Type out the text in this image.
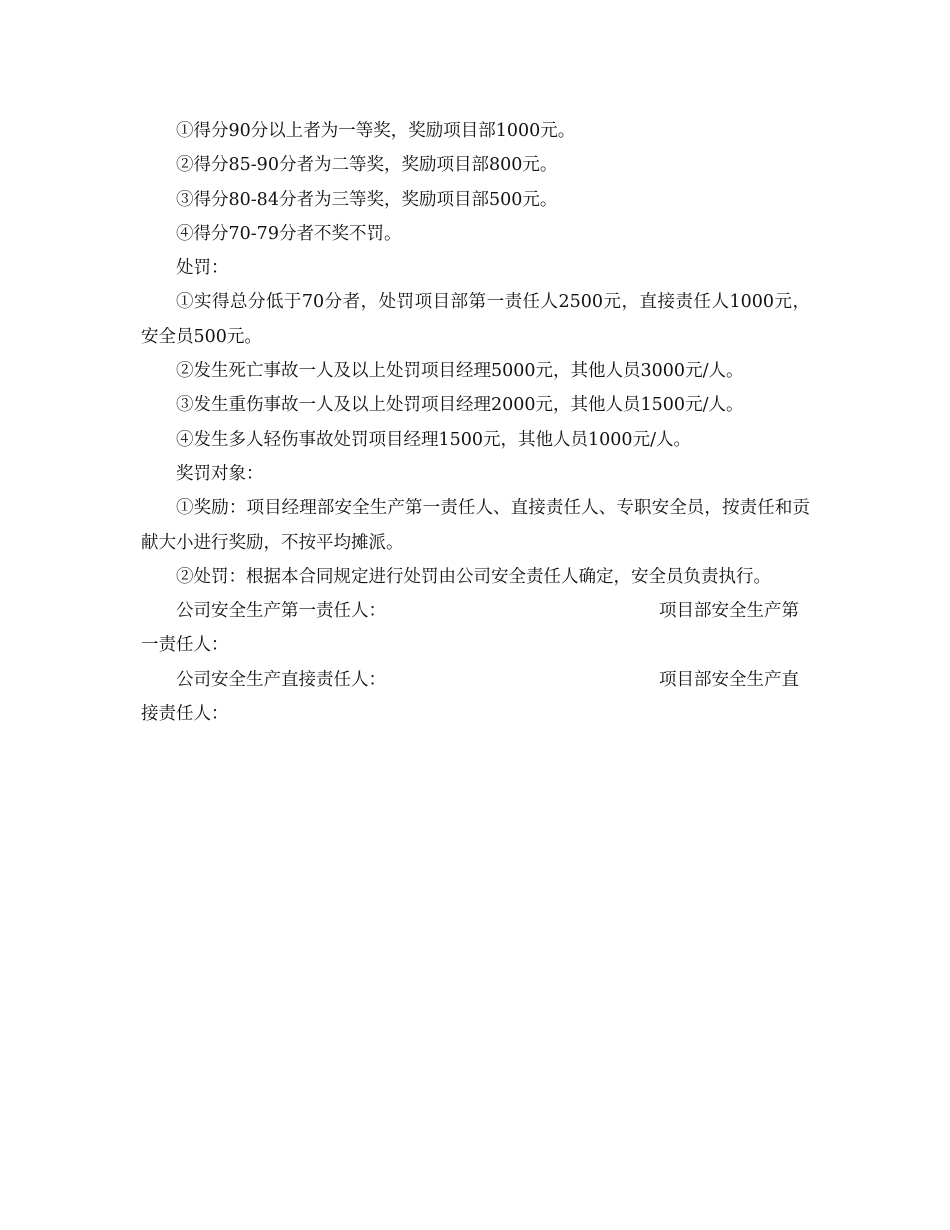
①得分90分以上者为一等奖，奖励项目部1000元。

②得分85-90分者为二等奖，奖励项目部800元。

③得分80-84分者为三等奖，奖励项目部500元。

④得分70-79分者不奖不罚。

处罚：

①实得总分低于70分者，处罚项目部第一责任人2500元，直接责任人1000元，安全员500元。

②发生死亡事故一人及以上处罚项目经理5000元，其他人员3000元/人。

③发生重伤事故一人及以上处罚项目经理2000元，其他人员1500元/人。

④发生多人轻伤事故处罚项目经理1500元，其他人员1000元/人。

奖罚对象：

①奖励：项目经理部安全生产第一责任人、直接责任人、专职安全员，按责任和贡献大小进行奖励，不按平均摊派。

②处罚：根据本合同规定进行处罚由公司安全责任人确定，安全员负责执行。

公司安全生产第一责任人：	项目部安全生产第一责任人：
公司安全生产直接责任人：	项目部安全生产直接责任人：
